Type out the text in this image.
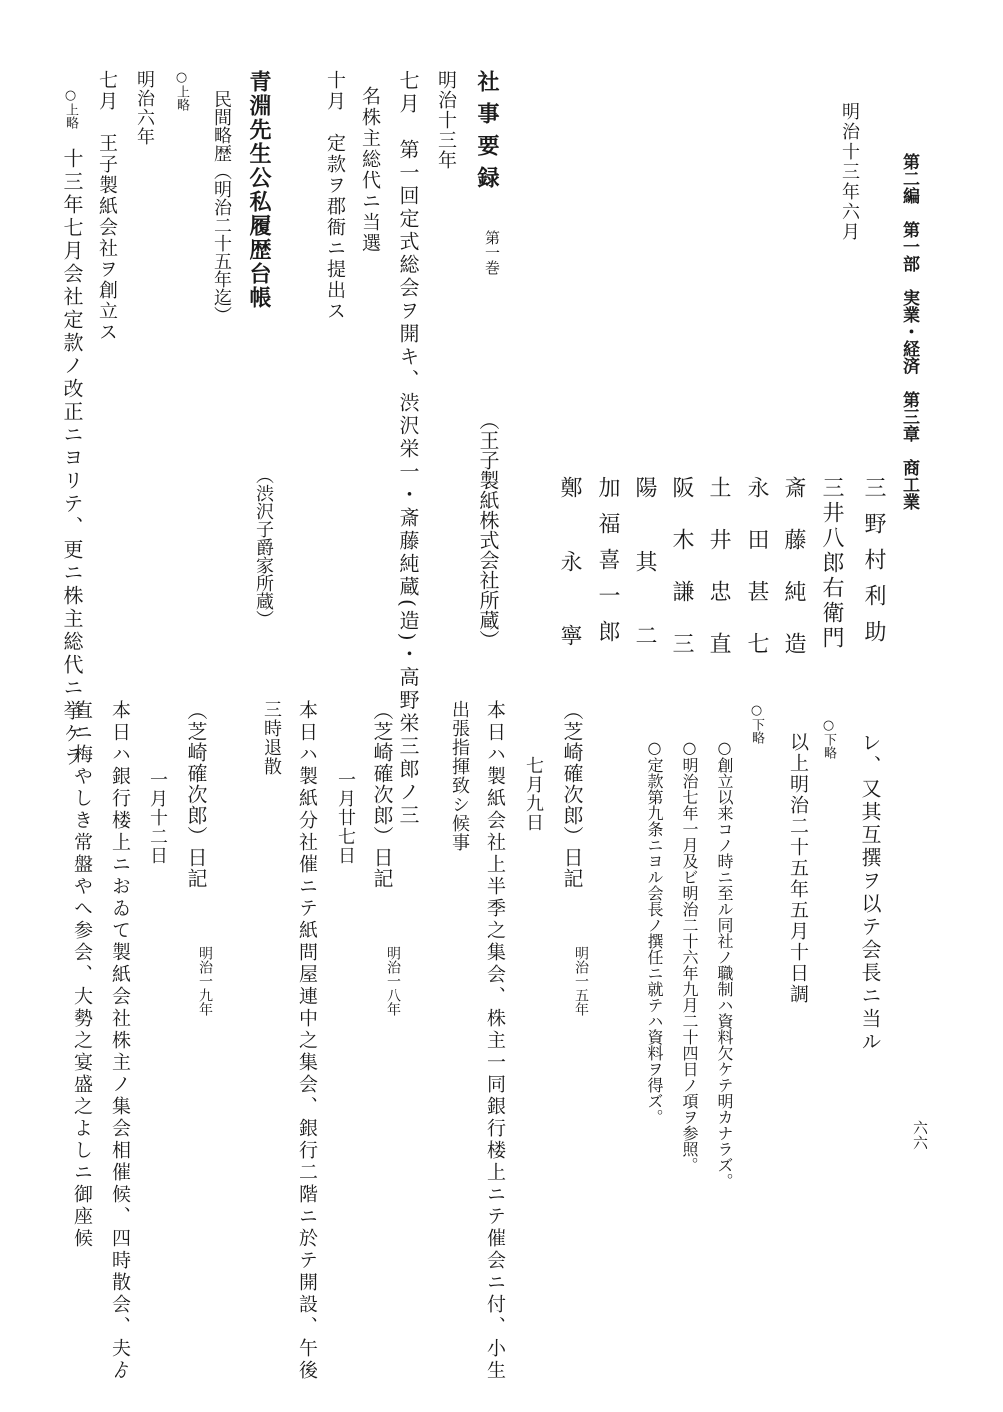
第二編　第一部　実業・経済　第三章　商工業
六六
明治十三年六月
三野村利助
三井八郎右衛門
斎藤純造
永田甚七
土井忠直
阪木謙三
陽其二
加福喜一郎
鄭永寧
社事要録
第一巻
（王子製紙株式会社所蔵）
明治十三年
七月　第一回定式総会ヲ開キ、渋沢栄一・斎藤純蔵(造)・高野栄三郎ノ三
名株主総代ニ当選
十月　定款ヲ郡衙ニ提出ス
青淵先生公私履歴台帳
（渋沢子爵家所蔵）
民間略歴（明治二十五年迄）
○上略
明治六年
七月　王子製紙会社ヲ創立ス
○上略
十三年七月会社定款ノ改正ニヨリテ、更ニ株主総代ニ挙ケラ
レ、又其互撰ヲ以テ会長ニ当ル
○下略
以上明治二十五年五月十日調
○下略
○創立以来コノ時ニ至ル同社ノ職制ハ資料欠ケテ明カナラズ。
○明治七年一月及ビ明治二十六年九月二十四日ノ項ヲ参照。
○定款第九条ニヨル会長ノ撰任ニ就テハ資料ヲ得ズ。
（芝崎確次郎）日記
明治一五年
七月九日
本日ハ製紙会社上半季之集会、株主一同銀行楼上ニテ催会ニ付、小生
出張指揮致シ候事
（芝崎確次郎）日記
明治一八年
一月廿七日
本日ハ製紙分社催ニテ紙問屋連中之集会、銀行二階ニ於テ開設、午後
三時退散
（芝崎確次郎）日記
明治一九年
一月十二日
本日ハ銀行楼上ニおゐて製紙会社株主ノ集会相催候、四時散会、夫ゟ
直ニ梅やしき常盤やへ参会、大勢之宴盛之よしニ御座候
